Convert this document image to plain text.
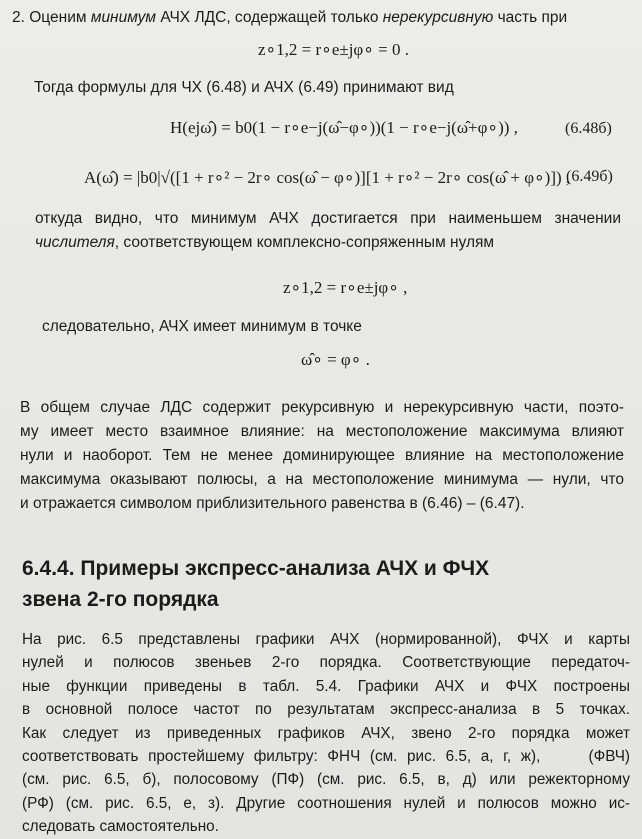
2. Оценим минимум АЧХ ЛДС, содержащей только нерекурсивную часть при
z∘1,2 = r∘e±jφ∘ = 0 .
Тогда формулы для ЧХ (6.48) и АЧХ (6.49) принимают вид
H(ejω̂) = b0(1 − r∘e−j(ω̂−φ∘))(1 − r∘e−j(ω̂+φ∘)) ,	(6.48б)
A(ω̂) = |b0|√([1 + r∘² − 2r∘ cos(ω̂ − φ∘)][1 + r∘² − 2r∘ cos(ω̂ + φ∘)]) ,
(6.49б)
откуда видно, что минимум АЧХ достигается при наименьшем значении
числителя, соответствующем комплексно-сопряженным нулям
z∘1,2 = r∘e±jφ∘ ,
следовательно, АЧХ имеет минимум в точке
ω̂∘ = φ∘ .
В общем случае ЛДС содержит рекурсивную и нерекурсивную части, поэто-
му имеет место взаимное влияние: на местоположение максимума влияют
нули и наоборот. Тем не менее доминирующее влияние на местоположение
максимума оказывают полюсы, а на местоположение минимума — нули, что
и отражается символом приблизительного равенства в (6.46) – (6.47).
6.4.4. Примеры экспресс-анализа АЧХ и ФЧХ
звена 2-го порядка
На рис. 6.5 представлены графики АЧХ (нормированной), ФЧХ и карты
нулей и полюсов звеньев 2-го порядка. Соответствующие передаточ-
ные функции приведены в табл. 5.4. Графики АЧХ и ФЧХ построены
в основной полосе частот по результатам экспресс-анализа в 5 точках.
Как следует из приведенных графиков АЧХ, звено 2-го порядка может
соответствовать простейшему фильтру: ФНЧ (см. рис. 6.5, а, г, ж),     (ФВЧ)
(см. рис. 6.5, б), полосовому (ПФ) (см. рис. 6.5, в, д) или режекторному
(РФ) (см. рис. 6.5, е, з). Другие соотношения нулей и полюсов можно ис-
следовать самостоятельно.
